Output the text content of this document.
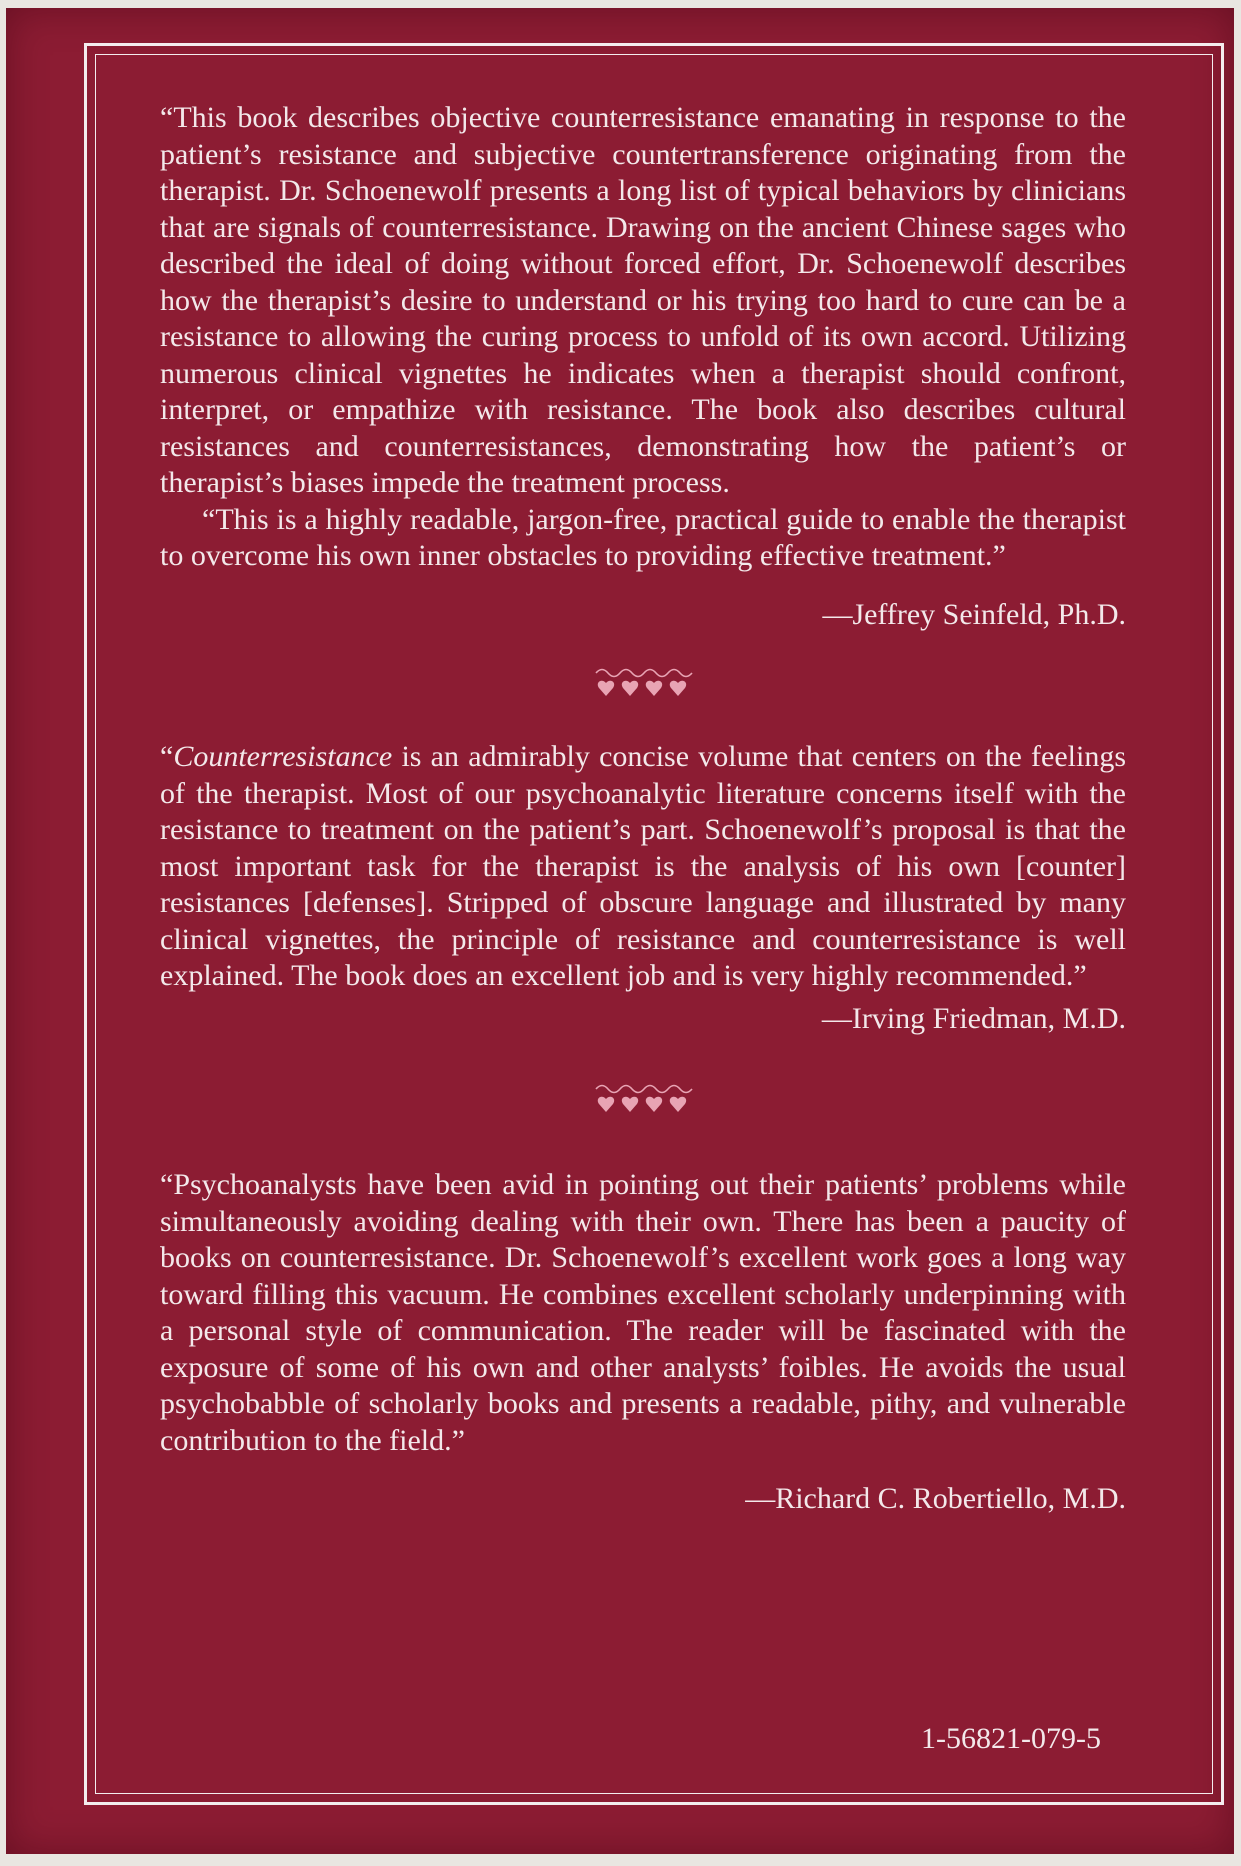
“This book describes objective counterresistance emanating in response to the patient’s resistance and subjective countertransference originating from the therapist. Dr. Schoenewolf presents a long list of typical behaviors by clinicians that are signals of counterresistance. Drawing on the ancient Chinese sages who described the ideal of doing without forced effort, Dr. Schoenewolf describes how the therapist’s desire to understand or his trying too hard to cure can be a resistance to allowing the curing process to unfold of its own accord. Utilizing numerous clinical vignettes he indicates when a therapist should confront, interpret, or empathize with resistance. The book also describes cultural resistances and counterresistances, demonstrating how the patient’s or therapist’s biases impede the treatment process.

“This is a highly readable, jargon-free, practical guide to enable the therapist to overcome his own inner obstacles to providing effective treatment.”

—Jeffrey Seinfeld, Ph.D.

“Counterresistance is an admirably concise volume that centers on the feelings of the therapist. Most of our psychoanalytic literature concerns itself with the resistance to treatment on the patient’s part. Schoenewolf’s proposal is that the most important task for the therapist is the analysis of his own [counter] resistances [defenses]. Stripped of obscure language and illustrated by many clinical vignettes, the principle of resistance and counterresistance is well explained. The book does an excellent job and is very highly recommended.”

—Irving Friedman, M.D.

“Psychoanalysts have been avid in pointing out their patients’ problems while simultaneously avoiding dealing with their own. There has been a paucity of books on counterresistance. Dr. Schoenewolf’s excellent work goes a long way toward filling this vacuum. He combines excellent scholarly underpinning with a personal style of communication. The reader will be fascinated with the exposure of some of his own and other analysts’ foibles. He avoids the usual psychobabble of scholarly books and presents a readable, pithy, and vulnerable contribution to the field.”

—Richard C. Robertiello, M.D.

1-56821-079-5
